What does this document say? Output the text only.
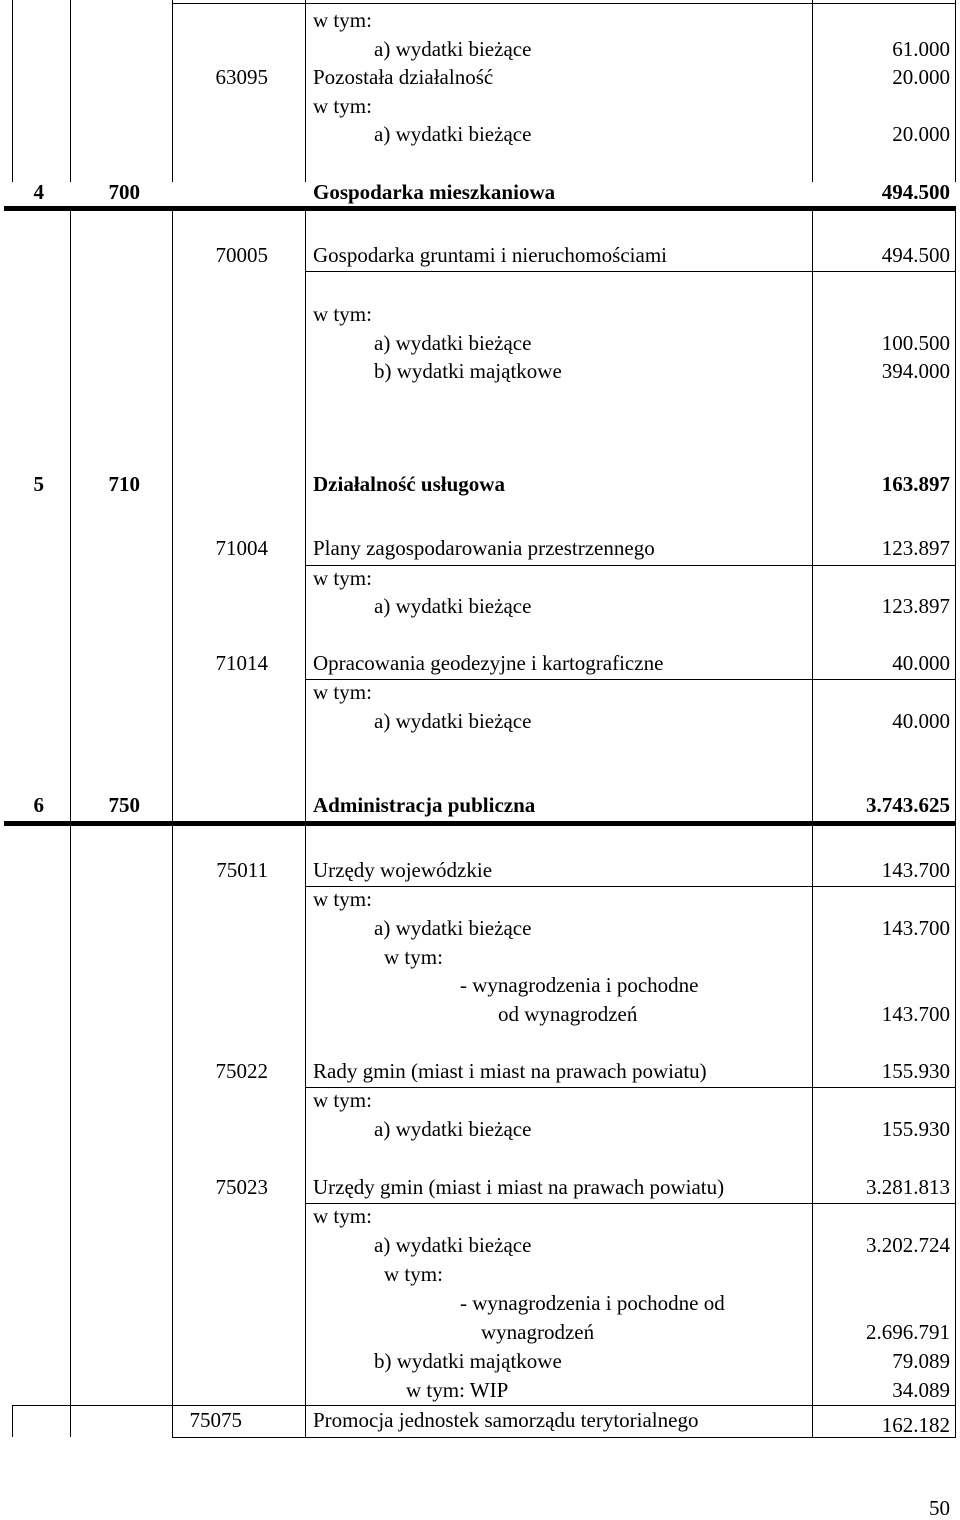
w tym:
a) wydatki bieżące	61.000
63095 Pozostała działalność	20.000
w tym:
a) wydatki bieżące	20.000
4	700	Gospodarka mieszkaniowa	494.500
70005 Gospodarka gruntami i nieruchomościami	494.500
w tym:
a) wydatki bieżące	100.500
b) wydatki majątkowe	394.000
5	710	Działalność usługowa	163.897
71004 Plany zagospodarowania przestrzennego	123.897
w tym:
a) wydatki bieżące	123.897
71014 Opracowania geodezyjne i kartograficzne	40.000
w tym:
a) wydatki bieżące	40.000
6	750	Administracja publiczna	3.743.625
75011 Urzędy wojewódzkie	143.700
w tym:
a) wydatki bieżące	143.700
w tym:
- wynagrodzenia i pochodne
od wynagrodzeń	143.700
75022 Rady gmin (miast i miast na prawach powiatu)	155.930
w tym:
a) wydatki bieżące	155.930
75023 Urzędy gmin (miast i miast na prawach powiatu)	3.281.813
w tym:
a) wydatki bieżące	3.202.724
w tym:
- wynagrodzenia i pochodne od
wynagrodzeń	2.696.791
b) wydatki majątkowe	79.089
w tym: WIP	34.089
75075	Promocja jednostek samorządu terytorialnego	162.182
50
